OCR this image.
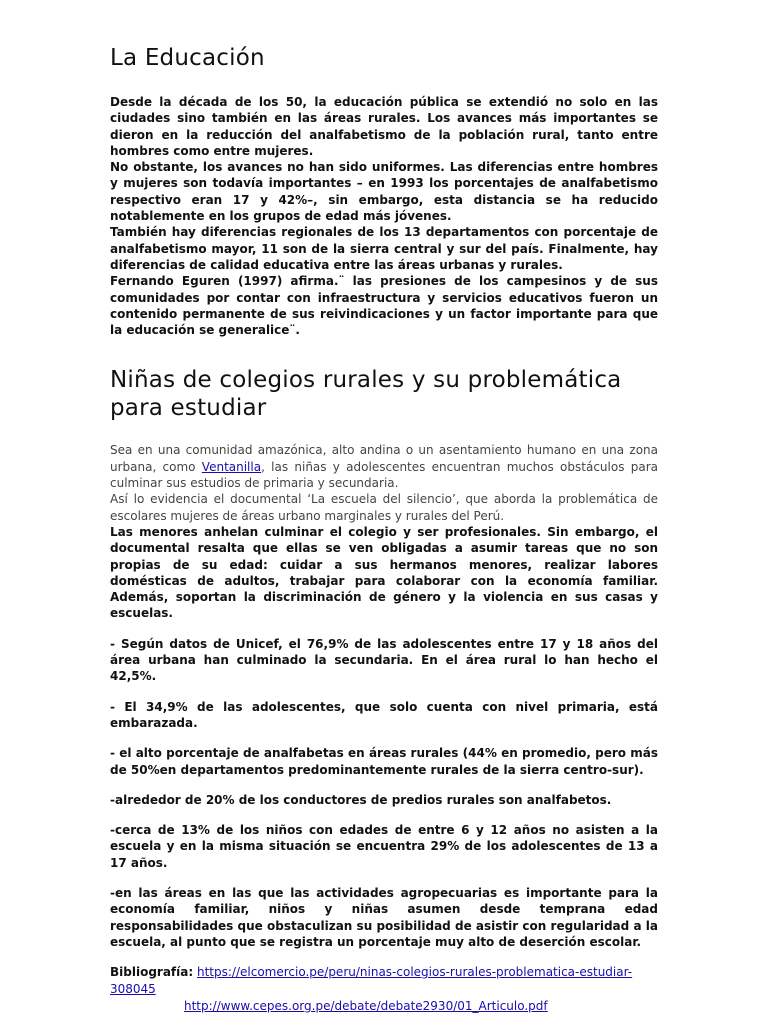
La Educación

Desde la década de los 50, la educación pública se extendió no solo en las ciudades sino también en las áreas rurales. Los avances más importantes se dieron en la reducción del analfabetismo de la población rural, tanto entre hombres como entre mujeres.

No obstante, los avances no han sido uniformes. Las diferencias entre hombres y mujeres son todavía importantes – en 1993 los porcentajes de analfabetismo respectivo eran 17 y 42%–, sin embargo, esta distancia se ha reducido notablemente en los grupos de edad más jóvenes.

También hay diferencias regionales de los 13 departamentos con porcentaje de analfabetismo mayor, 11 son de la sierra central y sur del país. Finalmente, hay diferencias de calidad educativa entre las áreas urbanas y rurales.

Fernando Eguren (1997) afirma.¨ las presiones de los campesinos y de sus comunidades por contar con infraestructura y servicios educativos fueron un contenido permanente de sus reivindicaciones y un factor importante para que la educación se generalice¨.

Niñas de colegios rurales y su problemática para estudiar

Sea en una comunidad amazónica, alto andina o un asentamiento humano en una zona urbana, como Ventanilla, las niñas y adolescentes encuentran muchos obstáculos para culminar sus estudios de primaria y secundaria.

Así lo evidencia el documental ‘La escuela del silencio’, que aborda la problemática de escolares mujeres de áreas urbano marginales y rurales del Perú.

Las menores anhelan culminar el colegio y ser profesionales. Sin embargo, el documental resalta que ellas se ven obligadas a asumir tareas que no son propias de su edad: cuidar a sus hermanos menores, realizar labores domésticas de adultos, trabajar para colaborar con la economía familiar. Además, soportan la discriminación de género y la violencia en sus casas y escuelas.

- Según datos de Unicef, el 76,9% de las adolescentes entre 17 y 18 años del área urbana han culminado la secundaria. En el área rural lo han hecho el 42,5%.

- El 34,9% de las adolescentes, que solo cuenta con nivel primaria, está embarazada.

- el alto porcentaje de analfabetas en áreas rurales (44% en promedio, pero más de 50%en departamentos predominantemente rurales de la sierra centro-sur).

-alrededor de 20% de los conductores de predios rurales son analfabetos.

-cerca de 13% de los niños con edades de entre 6 y 12 años no asisten a la escuela y en la misma situación se encuentra 29% de los adolescentes de 13 a 17 años.

-en las áreas en las que las actividades agropecuarias es importante para la economía familiar, niños y niñas asumen desde temprana edad responsabilidades que obstaculizan su posibilidad de asistir con regularidad a la escuela, al punto que se registra un porcentaje muy alto de deserción escolar.

Bibliografía: https://elcomercio.pe/peru/ninas-colegios-rurales-problematica-estudiar-308045
http://www.cepes.org.pe/debate/debate2930/01_Articulo.pdf
